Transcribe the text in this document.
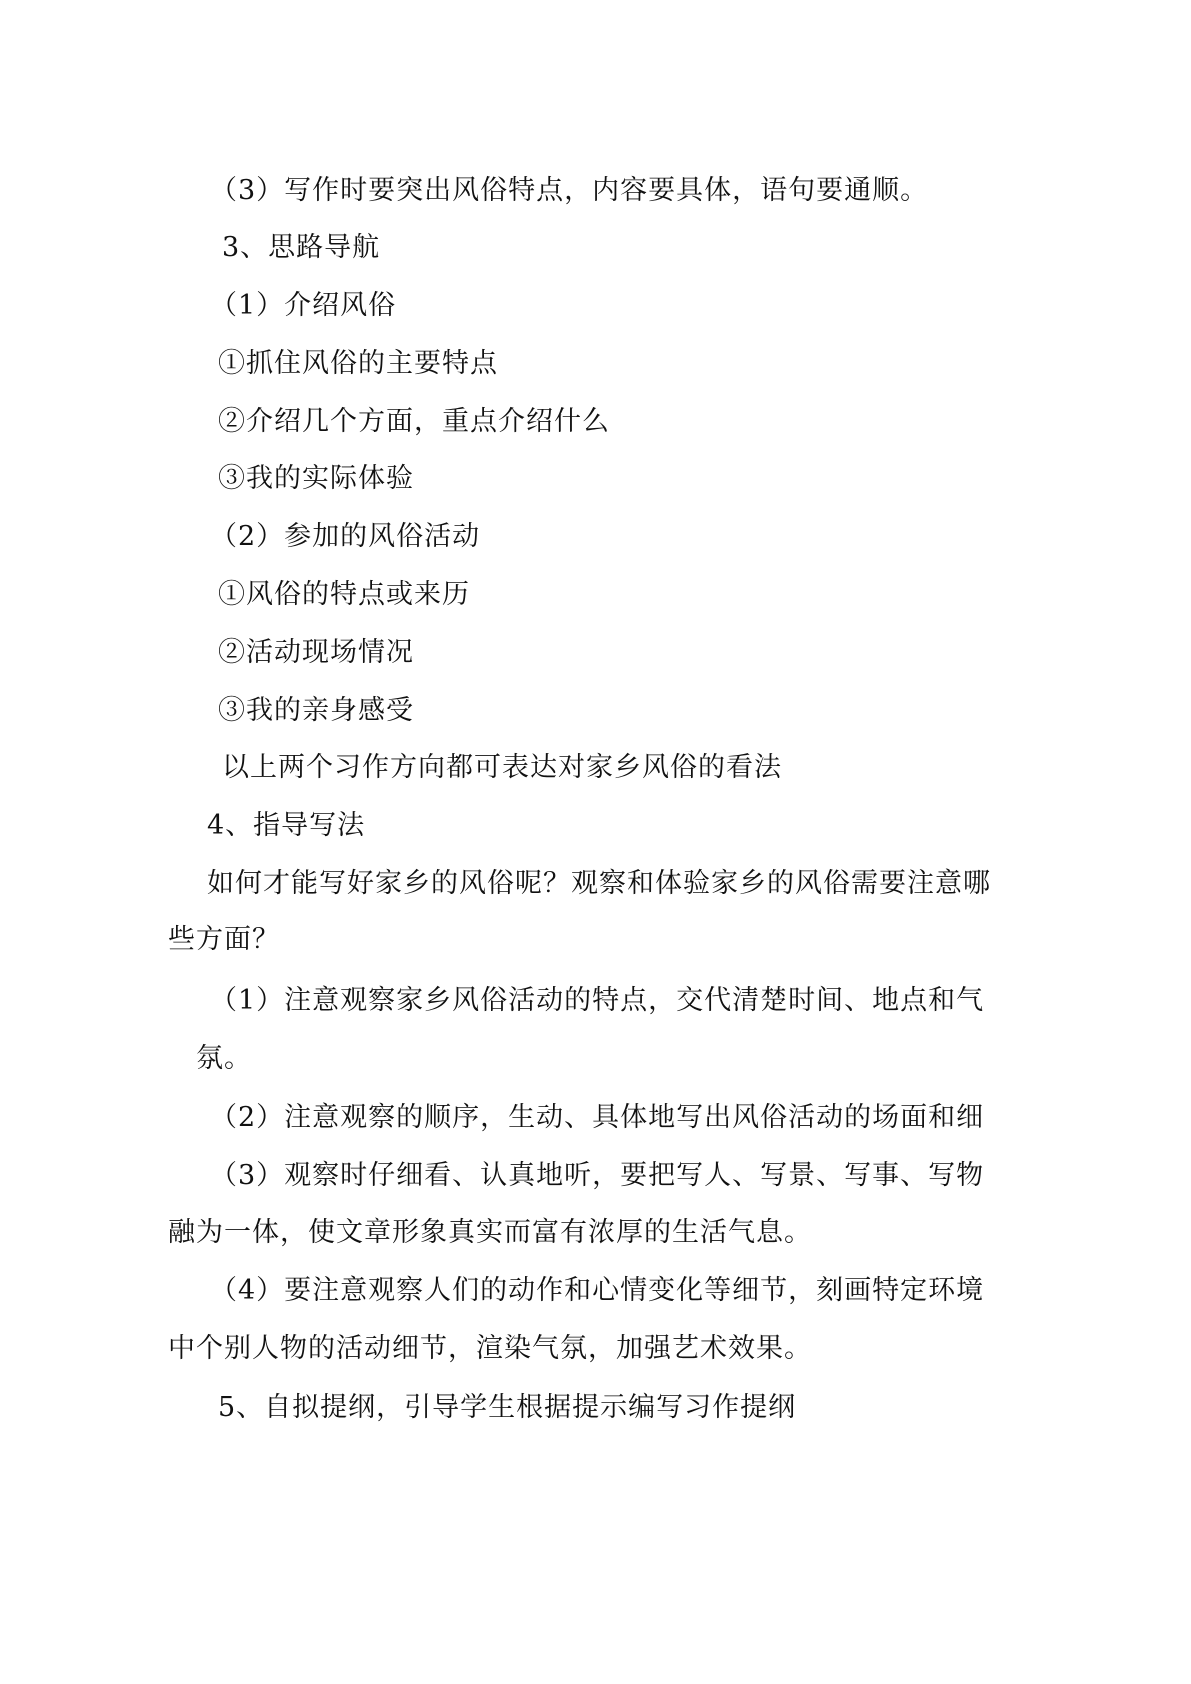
（3）写作时要突出风俗特点，内容要具体，语句要通顺。
3、思路导航
（1）介绍风俗
①抓住风俗的主要特点
②介绍几个方面，重点介绍什么
③我的实际体验
（2）参加的风俗活动
①风俗的特点或来历
②活动现场情况
③我的亲身感受
以上两个习作方向都可表达对家乡风俗的看法
4、指导写法
如何才能写好家乡的风俗呢？观察和体验家乡的风俗需要注意哪
些方面？
（1）注意观察家乡风俗活动的特点，交代清楚时间、地点和气
氛。
（2）注意观察的顺序，生动、具体地写出风俗活动的场面和细
（3）观察时仔细看、认真地听，要把写人、写景、写事、写物
融为一体，使文章形象真实而富有浓厚的生活气息。
（4）要注意观察人们的动作和心情变化等细节，刻画特定环境
中个别人物的活动细节，渲染气氛，加强艺术效果。
5、自拟提纲，引导学生根据提示编写习作提纲
